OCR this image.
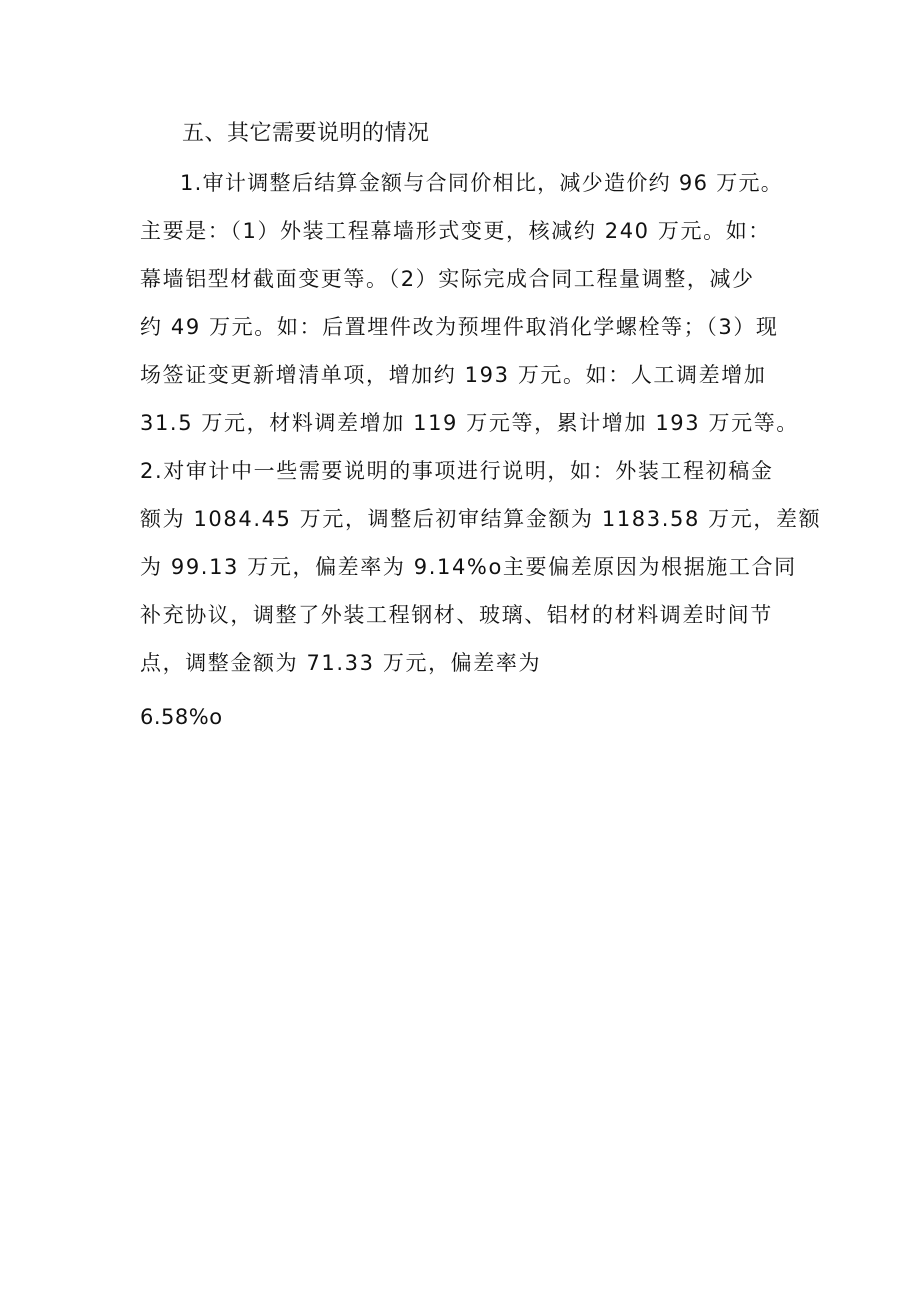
五、其它需要说明的情况
1.审计调整后结算金额与合同价相比，减少造价约 96 万元。
主要是：（1）外装工程幕墙形式变更，核减约 240 万元。如：
幕墙铝型材截面变更等。（2）实际完成合同工程量调整，减少
约 49 万元。如：后置埋件改为预埋件取消化学螺栓等；（3）现
场签证变更新增清单项，增加约 193 万元。如：人工调差增加
31.5 万元，材料调差增加 119 万元等，累计增加 193 万元等。
2.对审计中一些需要说明的事项进行说明，如：外装工程初稿金
额为 1084.45 万元，调整后初审结算金额为 1183.58 万元，差额
为 99.13 万元，偏差率为 9.14%o主要偏差原因为根据施工合同
补充协议，调整了外装工程钢材、玻璃、铝材的材料调差时间节
点，调整金额为 71.33 万元，偏差率为
6.58%o
